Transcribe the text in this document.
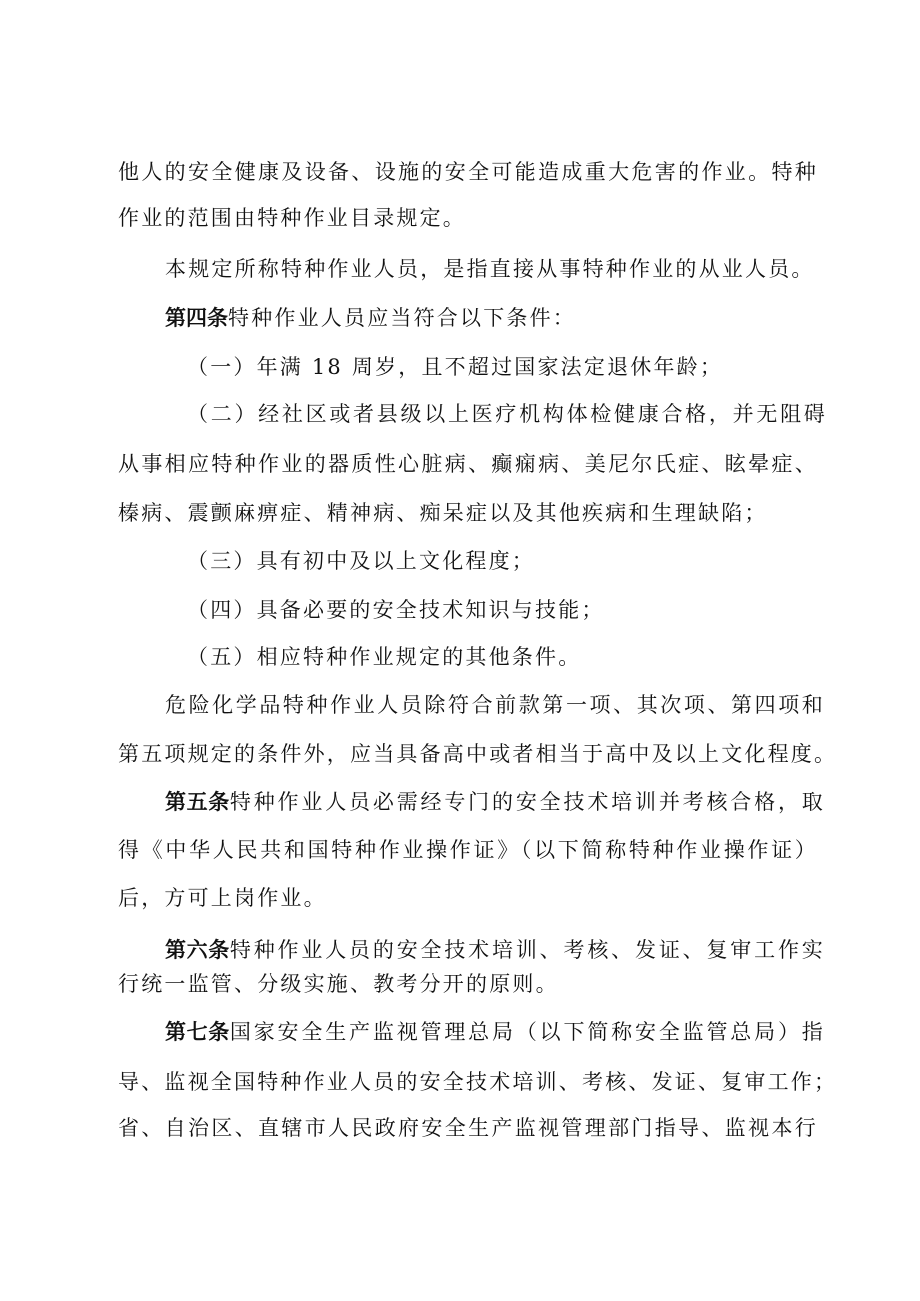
他人的安全健康及设备、设施的安全可能造成重大危害的作业。特种
作业的范围由特种作业目录规定。
本规定所称特种作业人员，是指直接从事特种作业的从业人员。
第四条特种作业人员应当符合以下条件：
（一）年满 18 周岁，且不超过国家法定退休年龄；
（二）经社区或者县级以上医疗机构体检健康合格，并无阻碍
从事相应特种作业的器质性心脏病、癫痫病、美尼尔氏症、眩晕症、
榛病、震颤麻痹症、精神病、痴呆症以及其他疾病和生理缺陷；
（三）具有初中及以上文化程度；
（四）具备必要的安全技术知识与技能；
（五）相应特种作业规定的其他条件。
危险化学品特种作业人员除符合前款第一项、其次项、第四项和
第五项规定的条件外，应当具备高中或者相当于高中及以上文化程度。
第五条特种作业人员必需经专门的安全技术培训并考核合格，取
得《中华人民共和国特种作业操作证》（以下简称特种作业操作证）
后，方可上岗作业。
第六条特种作业人员的安全技术培训、考核、发证、复审工作实
行统一监管、分级实施、教考分开的原则。
第七条国家安全生产监视管理总局（以下简称安全监管总局）指
导、监视全国特种作业人员的安全技术培训、考核、发证、复审工作；
省、自治区、直辖市人民政府安全生产监视管理部门指导、监视本行
